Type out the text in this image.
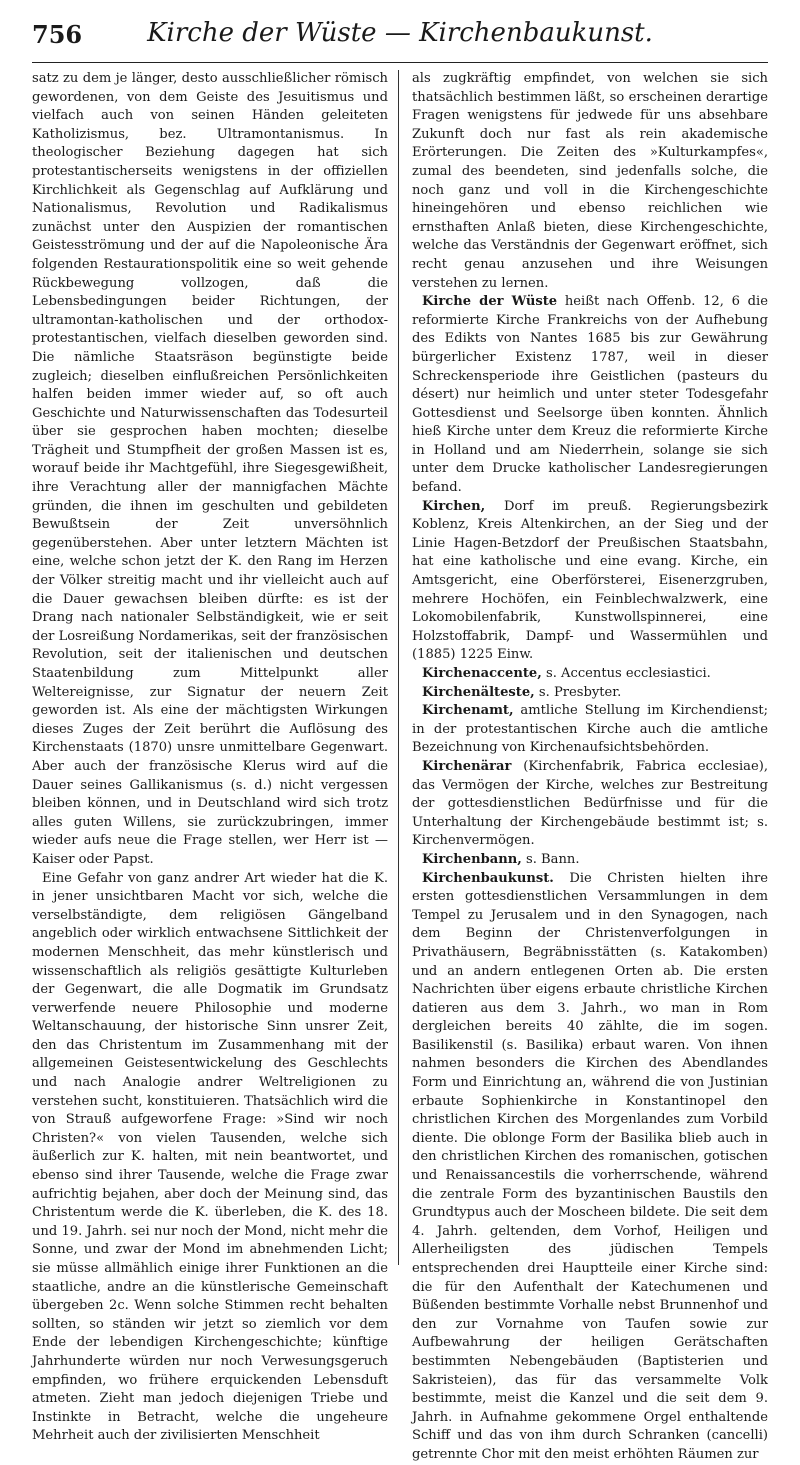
756	Kirche der Wüste — Kirchenbaukunst.

satz zu dem je länger, desto ausschließlicher römisch gewordenen, von dem Geiste des Jesuitismus und vielfach auch von seinen Händen geleiteten Katholizismus, bez. Ultramontanismus. In theologischer Beziehung dagegen hat sich protestantischerseits wenigstens in der offiziellen Kirchlichkeit als Gegenschlag auf Aufklärung und Nationalismus, Revolution und Radikalismus zunächst unter den Auspizien der romantischen Geistesströmung und der auf die Napoleonische Ära folgenden Restaurationspolitik eine so weit gehende Rückbewegung vollzogen, daß die Lebensbedingungen beider Richtungen, der ultramontan-katholischen und der orthodox-protestantischen, vielfach dieselben geworden sind. Die nämliche Staatsräson begünstigte beide zugleich; dieselben einflußreichen Persönlichkeiten halfen beiden immer wieder auf, so oft auch Geschichte und Naturwissenschaften das Todesurteil über sie gesprochen haben mochten; dieselbe Trägheit und Stumpfheit der großen Massen ist es, worauf beide ihr Machtgefühl, ihre Siegesgewißheit, ihre Verachtung aller der mannigfachen Mächte gründen, die ihnen im geschulten und gebildeten Bewußtsein der Zeit unversöhnlich gegenüberstehen. Aber unter letztern Mächten ist eine, welche schon jetzt der K. den Rang im Herzen der Völker streitig macht und ihr vielleicht auch auf die Dauer gewachsen bleiben dürfte: es ist der Drang nach nationaler Selbständigkeit, wie er seit der Losreißung Nordamerikas, seit der französischen Revolution, seit der italienischen und deutschen Staatenbildung zum Mittelpunkt aller Weltereignisse, zur Signatur der neuern Zeit geworden ist. Als eine der mächtigsten Wirkungen dieses Zuges der Zeit berührt die Auflösung des Kirchenstaats (1870) unsre unmittelbare Gegenwart. Aber auch der französische Klerus wird auf die Dauer seines Gallikanismus (s. d.) nicht vergessen bleiben können, und in Deutschland wird sich trotz alles guten Willens, sie zurückzubringen, immer wieder aufs neue die Frage stellen, wer Herr ist — Kaiser oder Papst.

Eine Gefahr von ganz andrer Art wieder hat die K. in jener unsichtbaren Macht vor sich, welche die verselbständigte, dem religiösen Gängelband angeblich oder wirklich entwachsene Sittlichkeit der modernen Menschheit, das mehr künstlerisch und wissenschaftlich als religiös gesättigte Kulturleben der Gegenwart, die alle Dogmatik im Grundsatz verwerfende neuere Philosophie und moderne Weltanschauung, der historische Sinn unsrer Zeit, den das Christentum im Zusammenhang mit der allgemeinen Geistesentwickelung des Geschlechts und nach Analogie andrer Weltreligionen zu verstehen sucht, konstituieren. Thatsächlich wird die von Strauß aufgeworfene Frage: »Sind wir noch Christen?« von vielen Tausenden, welche sich äußerlich zur K. halten, mit nein beantwortet, und ebenso sind ihrer Tausende, welche die Frage zwar aufrichtig bejahen, aber doch der Meinung sind, das Christentum werde die K. überleben, die K. des 18. und 19. Jahrh. sei nur noch der Mond, nicht mehr die Sonne, und zwar der Mond im abnehmenden Licht; sie müsse allmählich einige ihrer Funktionen an die staatliche, andre an die künstlerische Gemeinschaft übergeben 2c. Wenn solche Stimmen recht behalten sollten, so ständen wir jetzt so ziemlich vor dem Ende der lebendigen Kirchengeschichte; künftige Jahrhunderte würden nur noch Verwesungsgeruch empfinden, wo frühere erquickenden Lebensduft atmeten. Zieht man jedoch diejenigen Triebe und Instinkte in Betracht, welche die ungeheure Mehrheit auch der zivilisierten Menschheit

als zugkräftig empfindet, von welchen sie sich thatsächlich bestimmen läßt, so erscheinen derartige Fragen wenigstens für jedwede für uns absehbare Zukunft doch nur fast als rein akademische Erörterungen. Die Zeiten des »Kulturkampfes«, zumal des beendeten, sind jedenfalls solche, die noch ganz und voll in die Kirchengeschichte hineingehören und ebenso reichlichen wie ernsthaften Anlaß bieten, diese Kirchengeschichte, welche das Verständnis der Gegenwart eröffnet, sich recht genau anzusehen und ihre Weisungen verstehen zu lernen.

Kirche der Wüste heißt nach Offenb. 12, 6 die reformierte Kirche Frankreichs von der Aufhebung des Edikts von Nantes 1685 bis zur Gewährung bürgerlicher Existenz 1787, weil in dieser Schreckensperiode ihre Geistlichen (pasteurs du désert) nur heimlich und unter steter Todesgefahr Gottesdienst und Seelsorge üben konnten. Ähnlich hieß Kirche unter dem Kreuz die reformierte Kirche in Holland und am Niederrhein, solange sie sich unter dem Drucke katholischer Landesregierungen befand.

Kirchen, Dorf im preuß. Regierungsbezirk Koblenz, Kreis Altenkirchen, an der Sieg und der Linie Hagen-Betzdorf der Preußischen Staatsbahn, hat eine katholische und eine evang. Kirche, ein Amtsgericht, eine Oberförsterei, Eisenerzgruben, mehrere Hochöfen, ein Feinblechwalzwerk, eine Lokomobilenfabrik, Kunstwollspinnerei, eine Holzstoffabrik, Dampf- und Wassermühlen und (1885) 1225 Einw.

Kirchenaccente, s. Accentus ecclesiastici.

Kirchenälteste, s. Presbyter.

Kirchenamt, amtliche Stellung im Kirchendienst; in der protestantischen Kirche auch die amtliche Bezeichnung von Kirchenaufsichtsbehörden.

Kirchenärar (Kirchenfabrik, Fabrica ecclesiae), das Vermögen der Kirche, welches zur Bestreitung der gottesdienstlichen Bedürfnisse und für die Unterhaltung der Kirchengebäude bestimmt ist; s. Kirchenvermögen.

Kirchenbann, s. Bann.

Kirchenbaukunst. Die Christen hielten ihre ersten gottesdienstlichen Versammlungen in dem Tempel zu Jerusalem und in den Synagogen, nach dem Beginn der Christenverfolgungen in Privathäusern, Begräbnisstätten (s. Katakomben) und an andern entlegenen Orten ab. Die ersten Nachrichten über eigens erbaute christliche Kirchen datieren aus dem 3. Jahrh., wo man in Rom dergleichen bereits 40 zählte, die im sogen. Basilikenstil (s. Basilika) erbaut waren. Von ihnen nahmen besonders die Kirchen des Abendlandes Form und Einrichtung an, während die von Justinian erbaute Sophienkirche in Konstantinopel den christlichen Kirchen des Morgenlandes zum Vorbild diente. Die oblonge Form der Basilika blieb auch in den christlichen Kirchen des romanischen, gotischen und Renaissancestils die vorherrschende, während die zentrale Form des byzantinischen Baustils den Grundtypus auch der Moscheen bildete. Die seit dem 4. Jahrh. geltenden, dem Vorhof, Heiligen und Allerheiligsten des jüdischen Tempels entsprechenden drei Hauptteile einer Kirche sind: die für den Aufenthalt der Katechumenen und Büßenden bestimmte Vorhalle nebst Brunnenhof und den zur Vornahme von Taufen sowie zur Aufbewahrung der heiligen Gerätschaften bestimmten Nebengebäuden (Baptisterien und Sakristeien), das für das versammelte Volk bestimmte, meist die Kanzel und die seit dem 9. Jahrh. in Aufnahme gekommene Orgel enthaltende Schiff und das von ihm durch Schranken (cancelli) getrennte Chor mit den meist erhöhten Räumen zur
